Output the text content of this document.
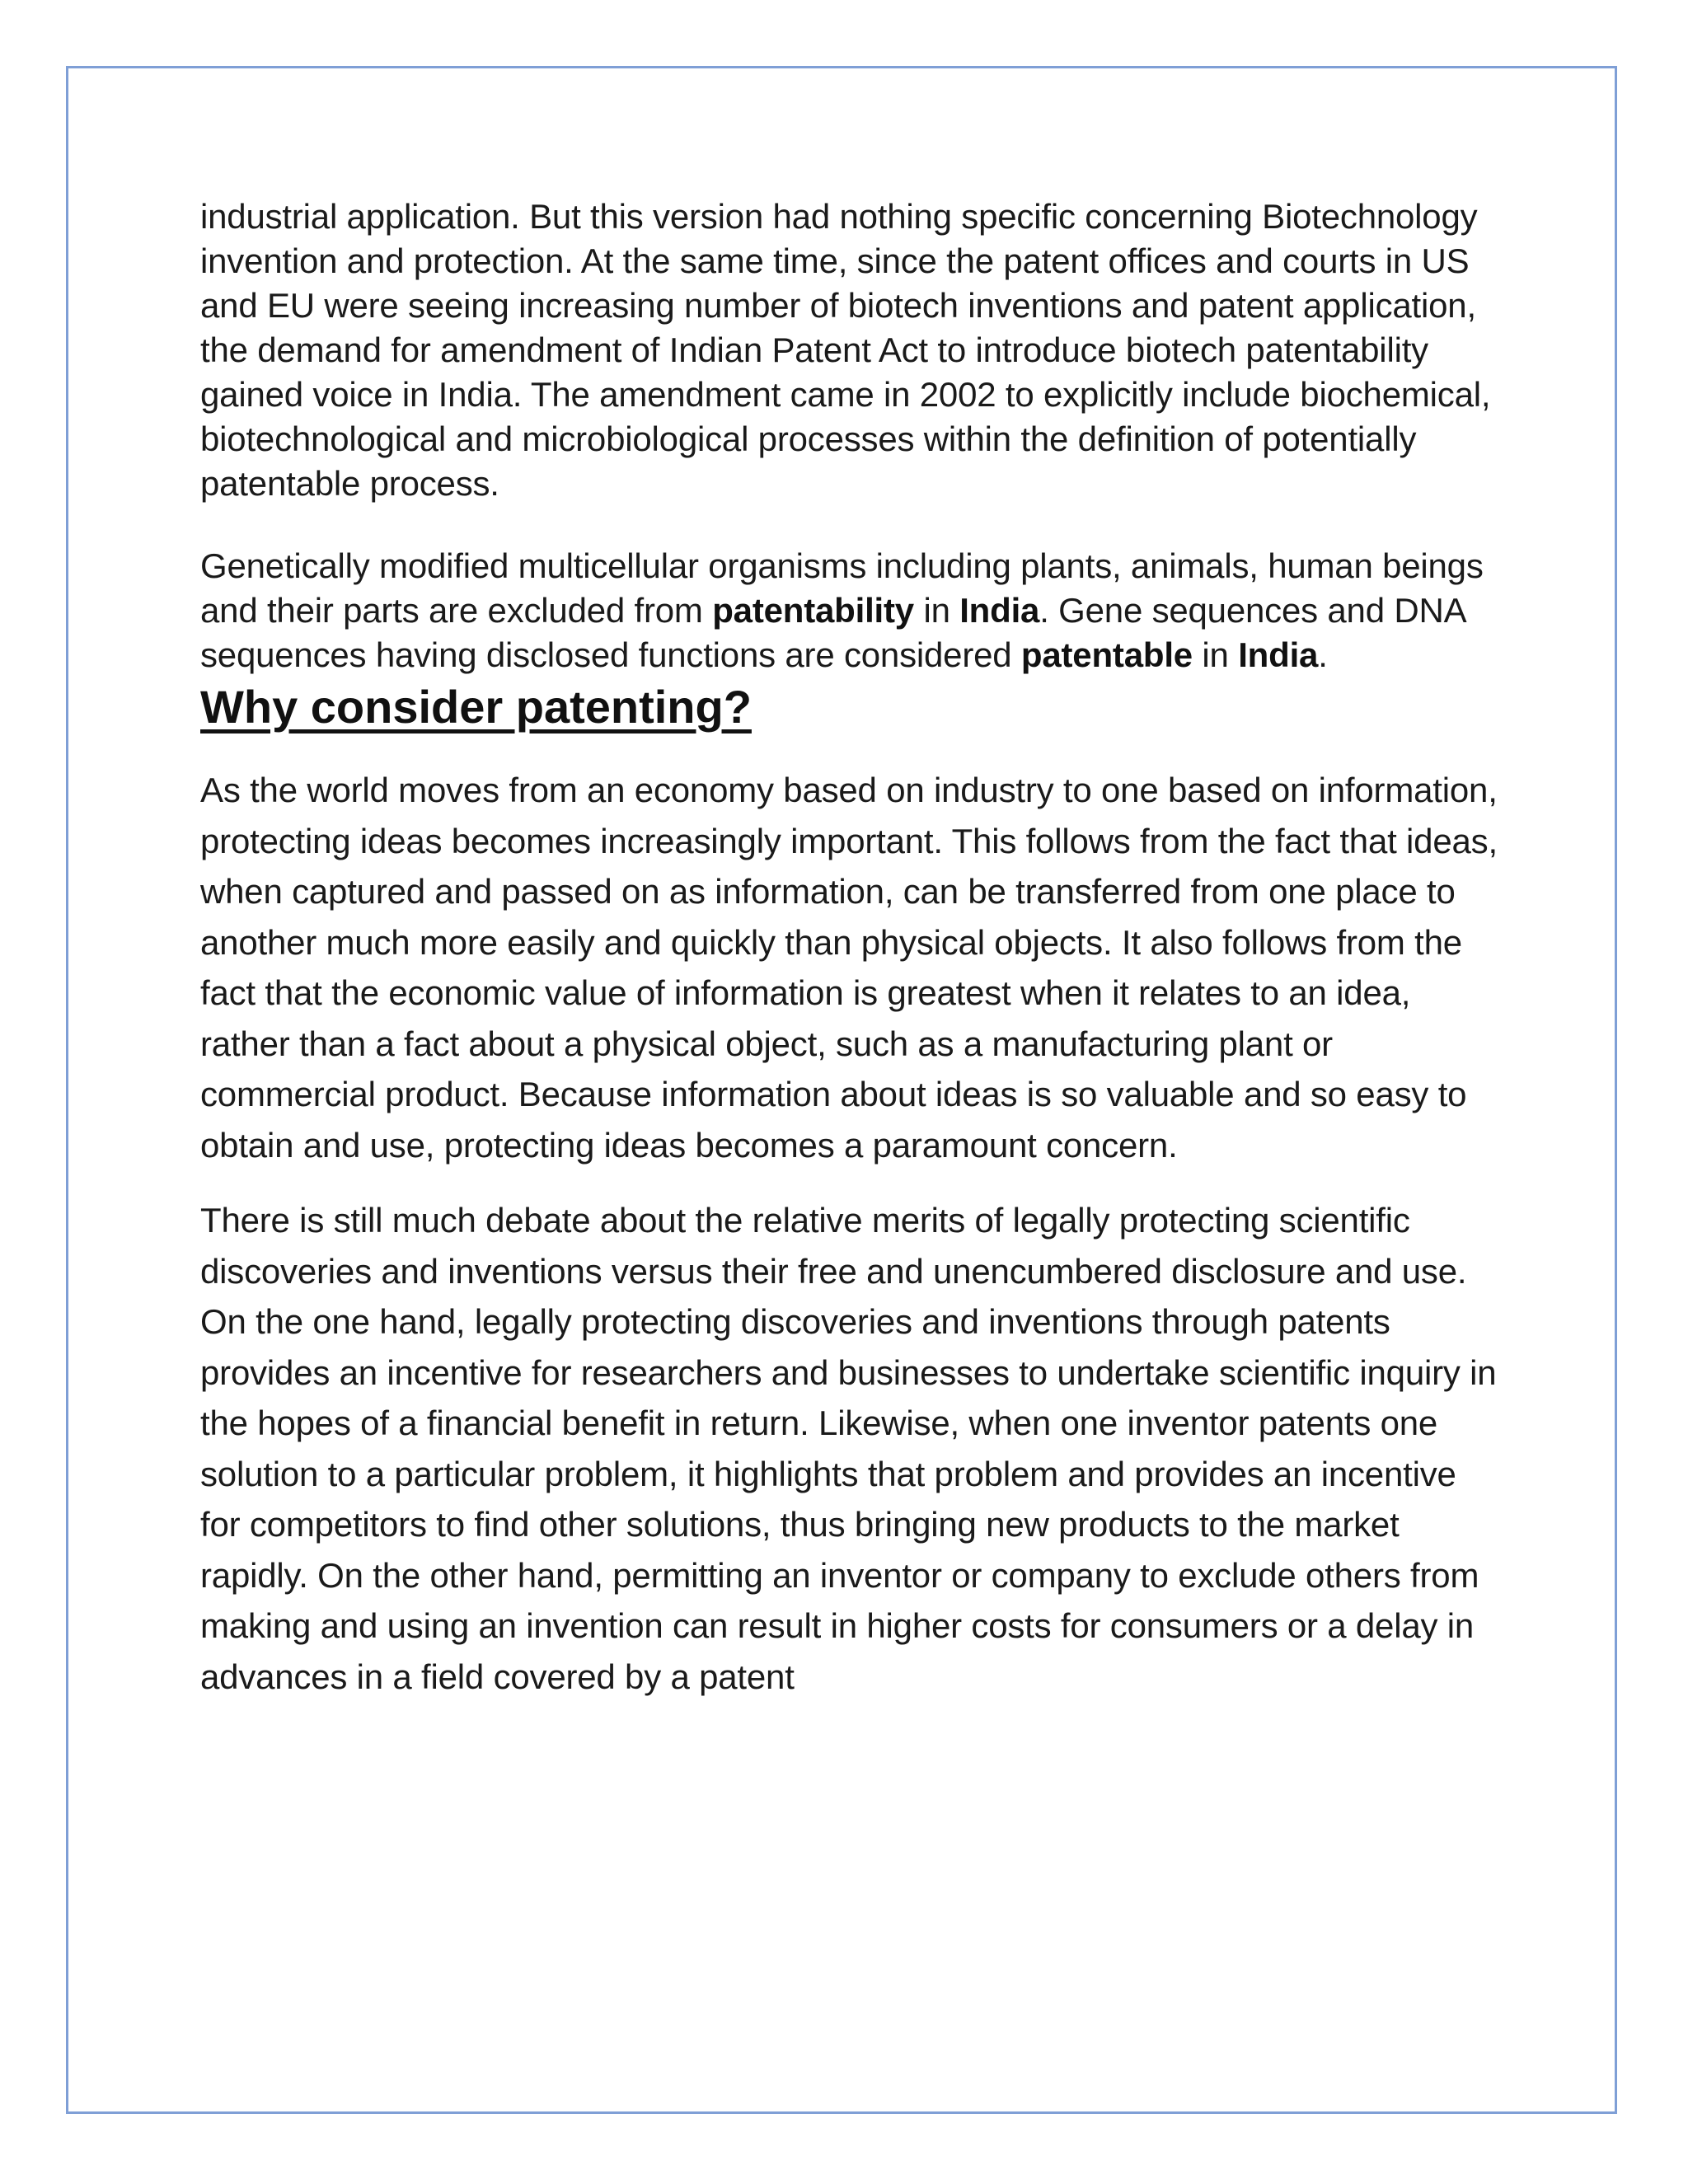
industrial application. But this version had nothing specific concerning Biotechnology invention and protection. At the same time, since the patent offices and courts in US and EU were seeing increasing number of biotech inventions and patent application, the demand for amendment of Indian Patent Act to introduce biotech patentability gained voice in India. The amendment came in 2002 to explicitly include biochemical, biotechnological and microbiological processes within the definition of potentially patentable process.

Genetically modified multicellular organisms including plants, animals, human beings and their parts are excluded from patentability in India. Gene sequences and DNA sequences having disclosed functions are considered patentable in India.

Why consider patenting?

As the world moves from an economy based on industry to one based on information, protecting ideas becomes increasingly important. This follows from the fact that ideas, when captured and passed on as information, can be transferred from one place to another much more easily and quickly than physical objects. It also follows from the fact that the economic value of information is greatest when it relates to an idea, rather than a fact about a physical object, such as a manufacturing plant or commercial product. Because information about ideas is so valuable and so easy to obtain and use, protecting ideas becomes a paramount concern.

There is still much debate about the relative merits of legally protecting scientific discoveries and inventions versus their free and unencumbered disclosure and use. On the one hand, legally protecting discoveries and inventions through patents provides an incentive for researchers and businesses to undertake scientific inquiry in the hopes of a financial benefit in return. Likewise, when one inventor patents one solution to a particular problem, it highlights that problem and provides an incentive for competitors to find other solutions, thus bringing new products to the market rapidly. On the other hand, permitting an inventor or company to exclude others from making and using an invention can result in higher costs for consumers or a delay in advances in a field covered by a patent
